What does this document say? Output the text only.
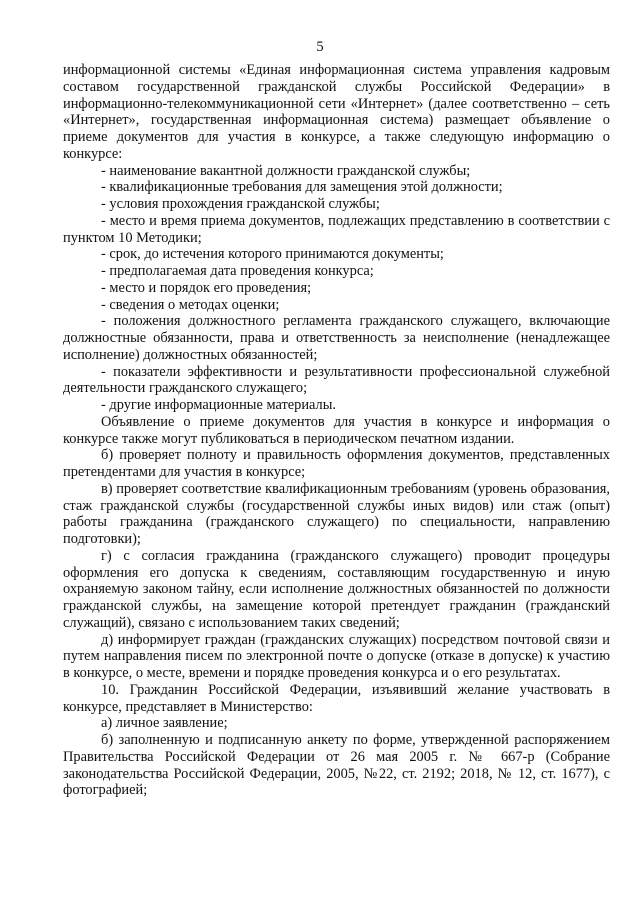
5

информационной системы «Единая информационная система управления кадровым составом государственной гражданской службы Российской Федерации» в информационно-телекоммуникационной сети «Интернет» (далее соответственно – сеть «Интернет», государственная информационная система) размещает объявление о приеме документов для участия в конкурсе, а также следующую информацию о конкурсе:

- наименование вакантной должности гражданской службы;

- квалификационные требования для замещения этой должности;

- условия прохождения гражданской службы;

- место и время приема документов, подлежащих представлению в соответствии с пунктом 10 Методики;

- срок, до истечения которого принимаются документы;

- предполагаемая дата проведения конкурса;

- место и порядок его проведения;

- сведения о методах оценки;

- положения должностного регламента гражданского служащего, включающие должностные обязанности, права и ответственность за неисполнение (ненадлежащее исполнение) должностных обязанностей;

- показатели эффективности и результативности профессиональной служебной деятельности гражданского служащего;

- другие информационные материалы.

Объявление о приеме документов для участия в конкурсе и информация о конкурсе также могут публиковаться в периодическом печатном издании.

б) проверяет полноту и правильность оформления документов, представленных претендентами для участия в конкурсе;

в) проверяет соответствие квалификационным требованиям (уровень образования, стаж гражданской службы (государственной службы иных видов) или стаж (опыт) работы гражданина (гражданского служащего) по специальности, направлению подготовки);

г) с согласия гражданина (гражданского служащего) проводит процедуры оформления его допуска к сведениям, составляющим государственную и иную охраняемую законом тайну, если исполнение должностных обязанностей по должности гражданской службы, на замещение которой претендует гражданин (гражданский служащий), связано с использованием таких сведений;

д) информирует граждан (гражданских служащих) посредством почтовой связи и путем направления писем по электронной почте о допуске (отказе в допуске) к участию в конкурсе, о месте, времени и порядке проведения конкурса и о его результатах.

10. Гражданин Российской Федерации, изъявивший желание участвовать в конкурсе, представляет в Министерство:

а) личное заявление;

б) заполненную и подписанную анкету по форме, утвержденной распоряжением Правительства Российской Федерации от 26 мая 2005 г. № 667-р (Собрание законодательства Российской Федерации, 2005, №22, ст. 2192; 2018, № 12, ст. 1677), с фотографией;
